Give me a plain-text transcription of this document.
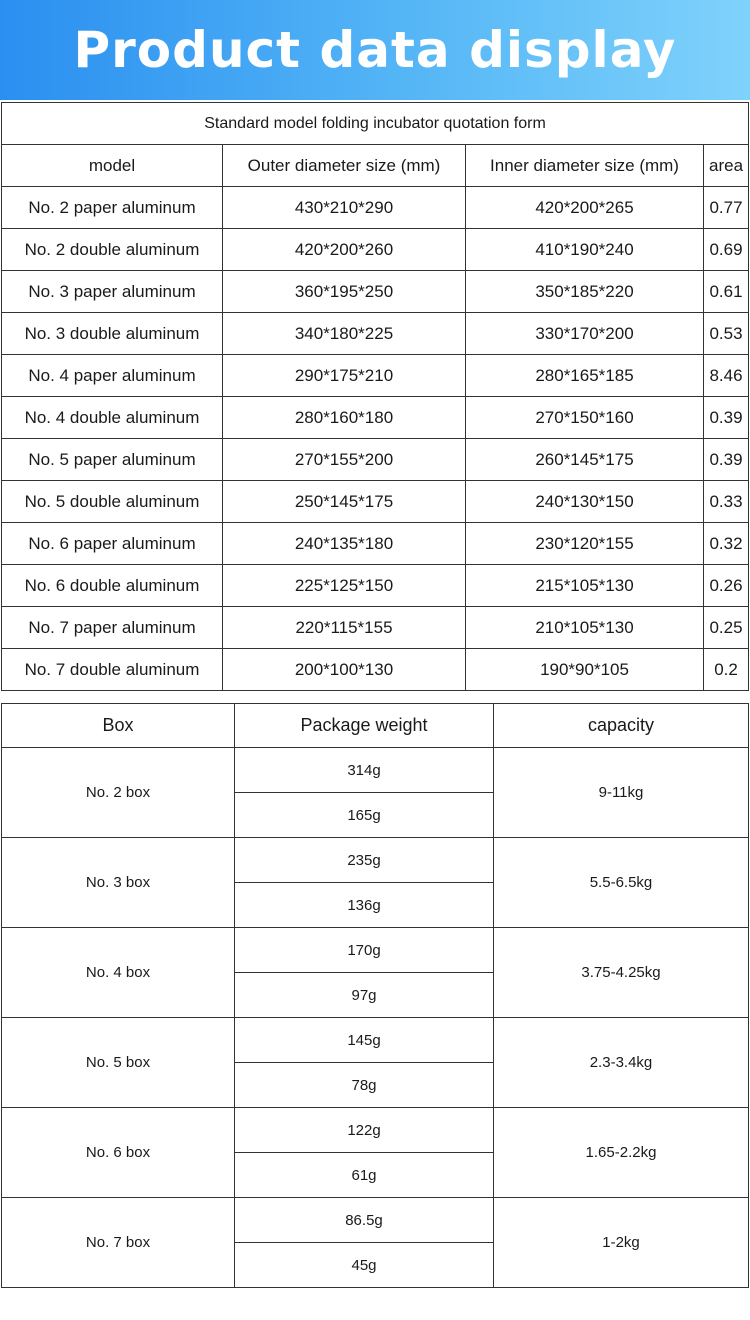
Product data display
Standard model folding incubator quotation form			
model	Outer diameter size (mm)	Inner diameter size (mm)	area
No. 2 paper aluminum	430*210*290	420*200*265	0.77
No. 2 double aluminum	420*200*260	410*190*240	0.69
No. 3 paper aluminum	360*195*250	350*185*220	0.61
No. 3 double aluminum	340*180*225	330*170*200	0.53
No. 4 paper aluminum	290*175*210	280*165*185	8.46
No. 4 double aluminum	280*160*180	270*150*160	0.39
No. 5 paper aluminum	270*155*200	260*145*175	0.39
No. 5 double aluminum	250*145*175	240*130*150	0.33
No. 6 paper aluminum	240*135*180	230*120*155	0.32
No. 6 double aluminum	225*125*150	215*105*130	0.26
No. 7 paper aluminum	220*115*155	210*105*130	0.25
No. 7 double aluminum	200*100*130	190*90*105	0.2
Box	Package weight	capacity
No. 2 box	314g	9-11kg
	165g	
No. 3 box	235g	5.5-6.5kg
	136g	
No. 4 box	170g	3.75-4.25kg
	97g	
No. 5 box	145g	2.3-3.4kg
	78g	
No. 6 box	122g	1.65-2.2kg
	61g	
No. 7 box	86.5g	1-2kg
	45g	
